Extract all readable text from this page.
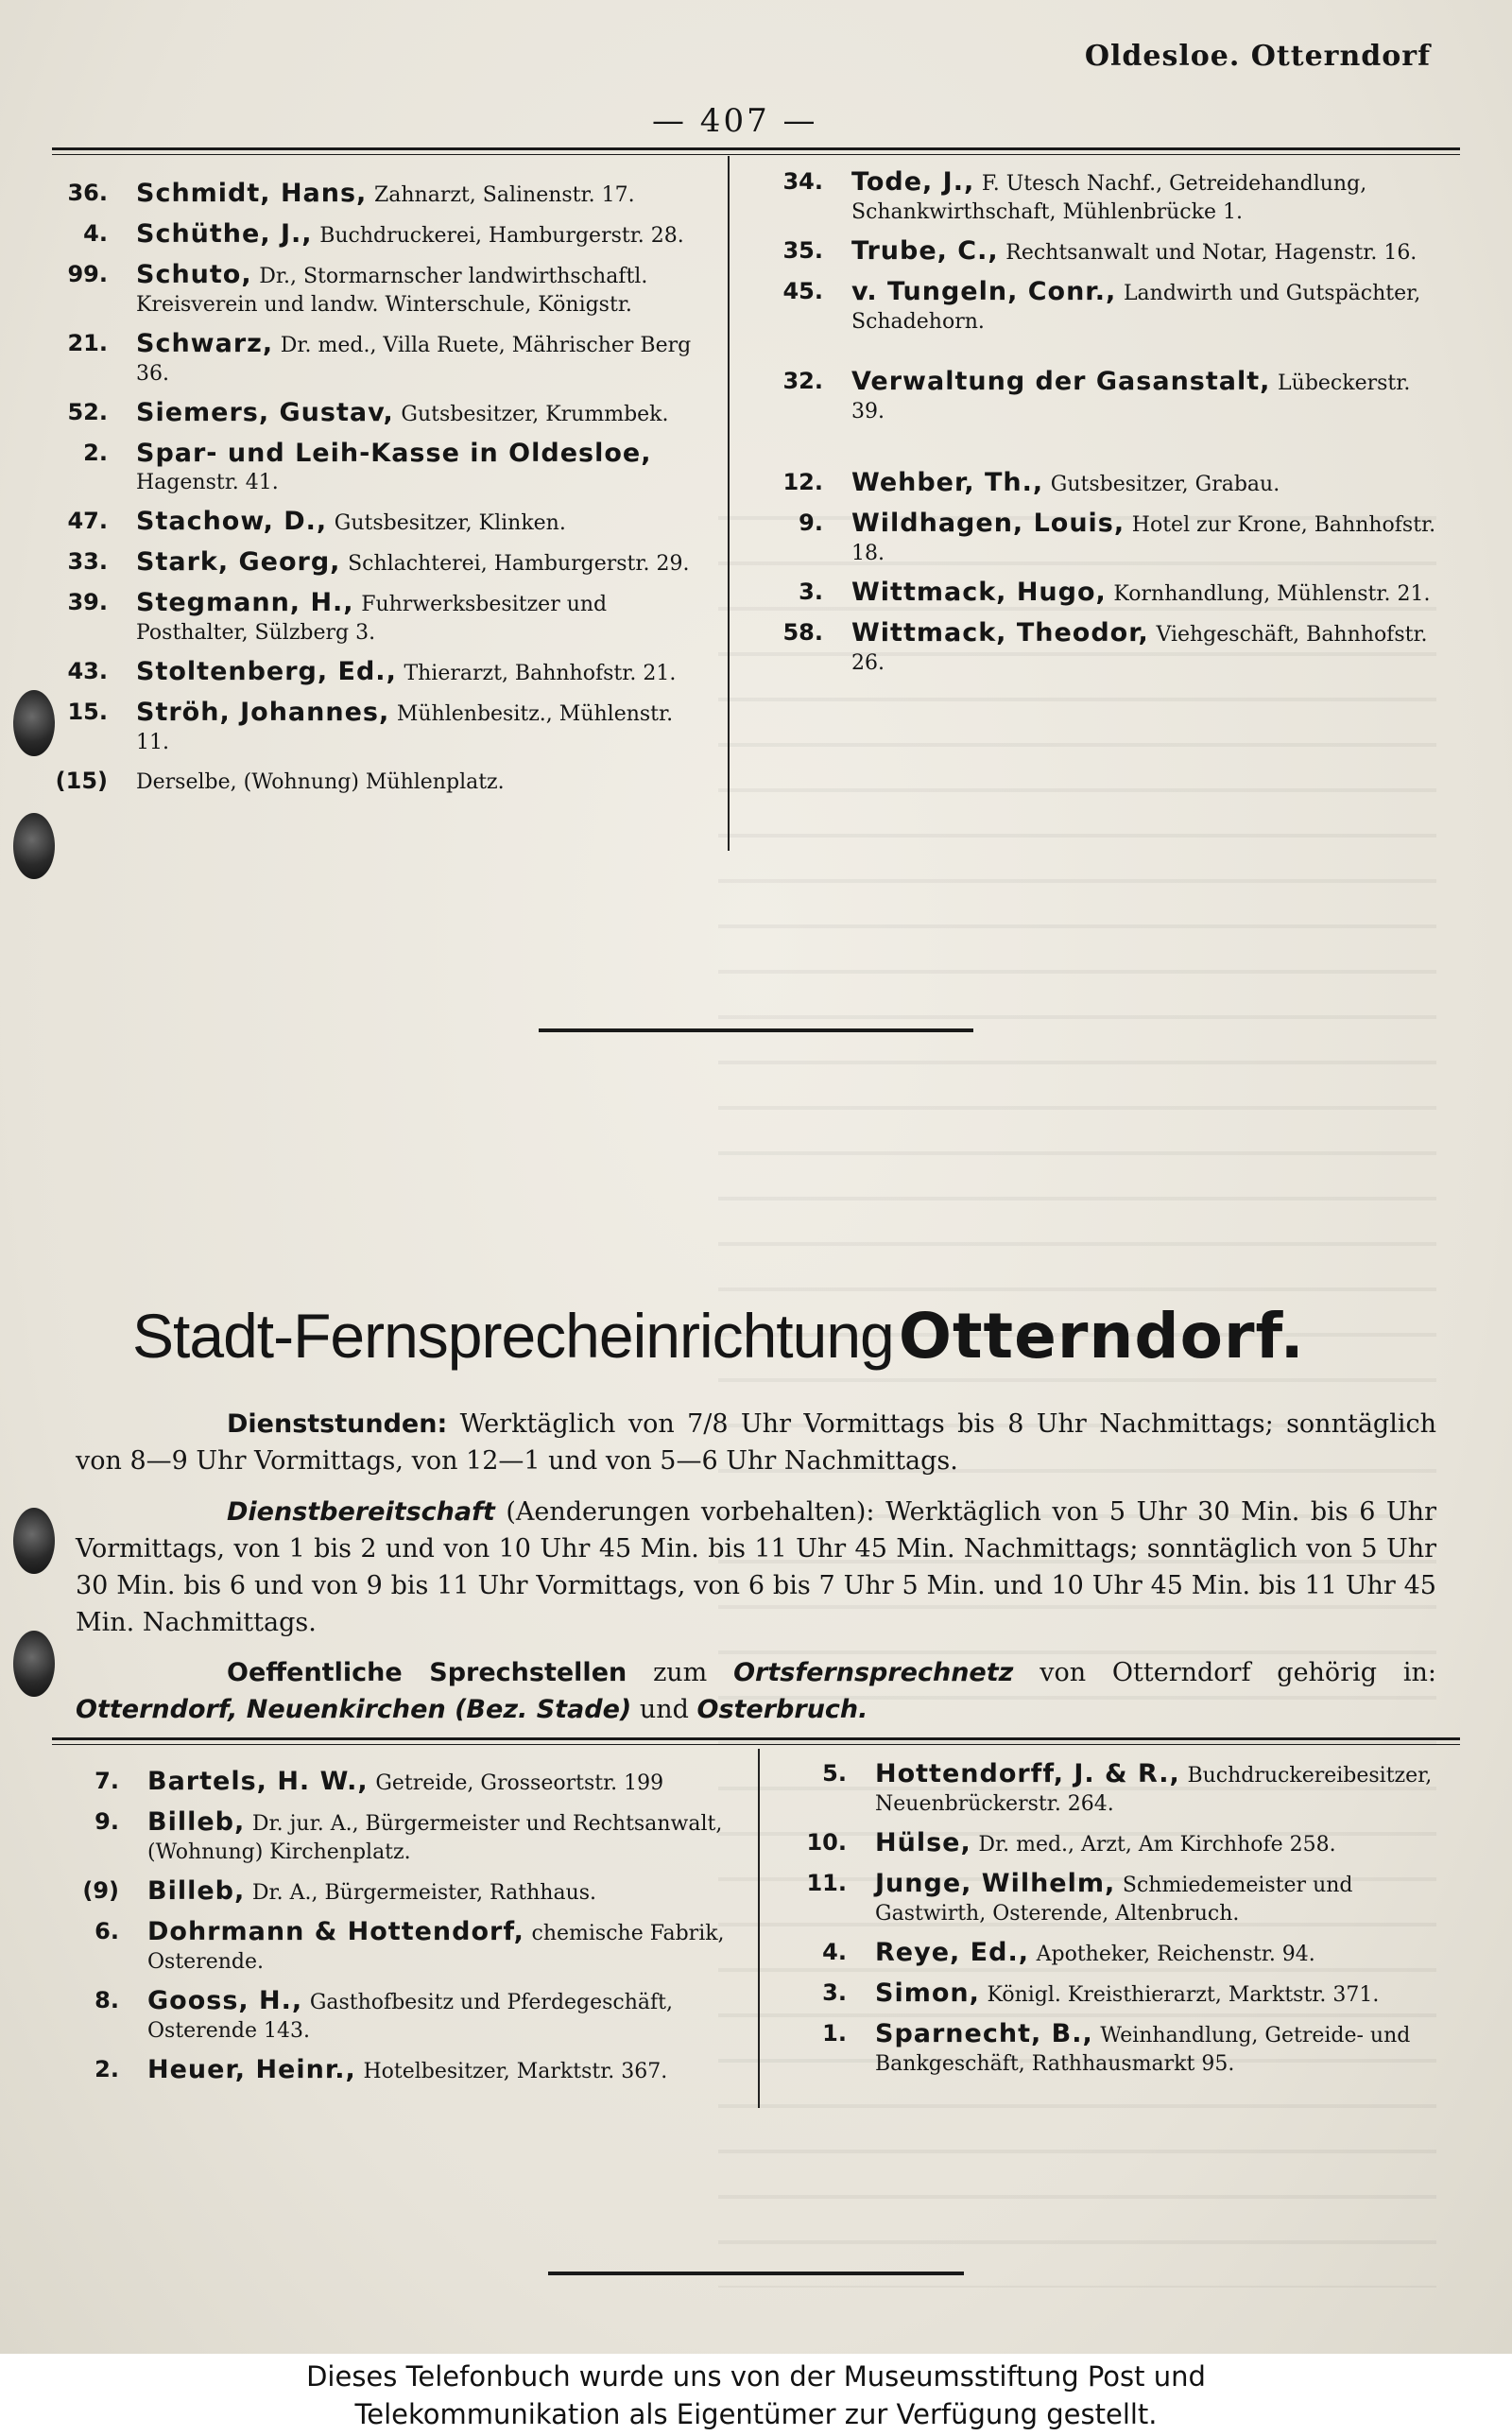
Oldesloe. Otterndorf
— 407 —
36. Schmidt, Hans, Zahnarzt, Salinenstr. 17.
4. Schüthe, J., Buchdruckerei, Hamburgerstr. 28.
99. Schuto, Dr., Stormarnscher landwirthschaftl. Kreisverein und landw. Winterschule, Königstr.
21. Schwarz, Dr. med., Villa Ruete, Mährischer Berg 36.
52. Siemers, Gustav, Gutsbesitzer, Krummbek.
2. Spar- und Leih-Kasse in Oldesloe, Hagenstr. 41.
47. Stachow, D., Gutsbesitzer, Klinken.
33. Stark, Georg, Schlachterei, Hamburgerstr. 29.
39. Stegmann, H., Fuhrwerksbesitzer und Posthalter, Sülzberg 3.
43. Stoltenberg, Ed., Thierarzt, Bahnhofstr. 21.
15. Ströh, Johannes, Mühlenbesitz., Mühlenstr. 11.
(15) Derselbe, (Wohnung) Mühlenplatz.
34. Tode, J., F. Utesch Nachf., Getreidehandlung, Schankwirthschaft, Mühlenbrücke 1.
35. Trube, C., Rechtsanwalt und Notar, Hagenstr. 16.
45. v. Tungeln, Conr., Landwirth und Gutspächter, Schadehorn.
32. Verwaltung der Gasanstalt, Lübeckerstr. 39.
12. Wehber, Th., Gutsbesitzer, Grabau.
9. Wildhagen, Louis, Hotel zur Krone, Bahnhofstr. 18.
3. Wittmack, Hugo, Kornhandlung, Mühlenstr. 21.
58. Wittmack, Theodor, Viehgeschäft, Bahnhofstr. 26.
Stadt-Fernsprecheinrichtung Otterndorf.
Dienststunden: Werktäglich von 7/8 Uhr Vormittags bis 8 Uhr Nachmittags; sonntäglich von 8—9 Uhr Vormittags, von 12—1 und von 5—6 Uhr Nachmittags.
Dienstbereitschaft (Aenderungen vorbehalten): Werktäglich von 5 Uhr 30 Min. bis 6 Uhr Vormittags, von 1 bis 2 und von 10 Uhr 45 Min. bis 11 Uhr 45 Min. Nachmittags; sonntäglich von 5 Uhr 30 Min. bis 6 und von 9 bis 11 Uhr Vormittags, von 6 bis 7 Uhr 5 Min. und 10 Uhr 45 Min. bis 11 Uhr 45 Min. Nachmittags.
Oeffentliche Sprechstellen zum Ortsfernsprechnetz von Otterndorf gehörig in: Otterndorf, Neuenkirchen (Bez. Stade) und Osterbruch.
7. Bartels, H. W., Getreide, Grosseortstr. 199
9. Billeb, Dr. jur. A., Bürgermeister und Rechtsanwalt, (Wohnung) Kirchenplatz.
(9) Billeb, Dr. A., Bürgermeister, Rathhaus.
6. Dohrmann & Hottendorf, chemische Fabrik, Osterende.
8. Gooss, H., Gasthofbesitz und Pferdegeschäft, Osterende 143.
2. Heuer, Heinr., Hotelbesitzer, Marktstr. 367.
5. Hottendorff, J. & R., Buchdruckereibesitzer, Neuenbrückerstr. 264.
10. Hülse, Dr. med., Arzt, Am Kirchhofe 258.
11. Junge, Wilhelm, Schmiedemeister und Gastwirth, Osterende, Altenbruch.
4. Reye, Ed., Apotheker, Reichenstr. 94.
3. Simon, Königl. Kreisthierarzt, Marktstr. 371.
1. Sparnecht, B., Weinhandlung, Getreide- und Bankgeschäft, Rathhausmarkt 95.
Dieses Telefonbuch wurde uns von der Museumsstiftung Post und
Telekommunikation als Eigentümer zur Verfügung gestellt.
